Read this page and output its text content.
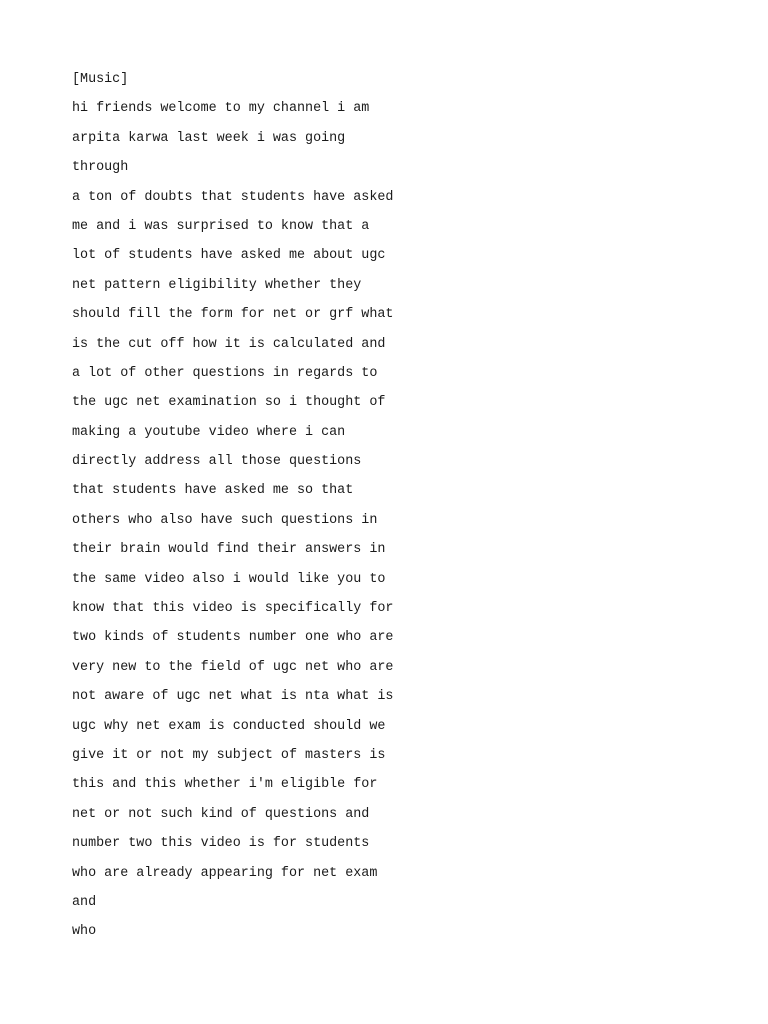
[Music]
hi friends welcome to my channel i am
arpita karwa last week i was going
through
a ton of doubts that students have asked
me and i was surprised to know that a
lot of students have asked me about ugc
net pattern eligibility whether they
should fill the form for net or grf what
is the cut off how it is calculated and
a lot of other questions in regards to
the ugc net examination so i thought of
making a youtube video where i can
directly address all those questions
that students have asked me so that
others who also have such questions in
their brain would find their answers in
the same video also i would like you to
know that this video is specifically for
two kinds of students number one who are
very new to the field of ugc net who are
not aware of ugc net what is nta what is
ugc why net exam is conducted should we
give it or not my subject of masters is
this and this whether i'm eligible for
net or not such kind of questions and
number two this video is for students
who are already appearing for net exam
and
who
